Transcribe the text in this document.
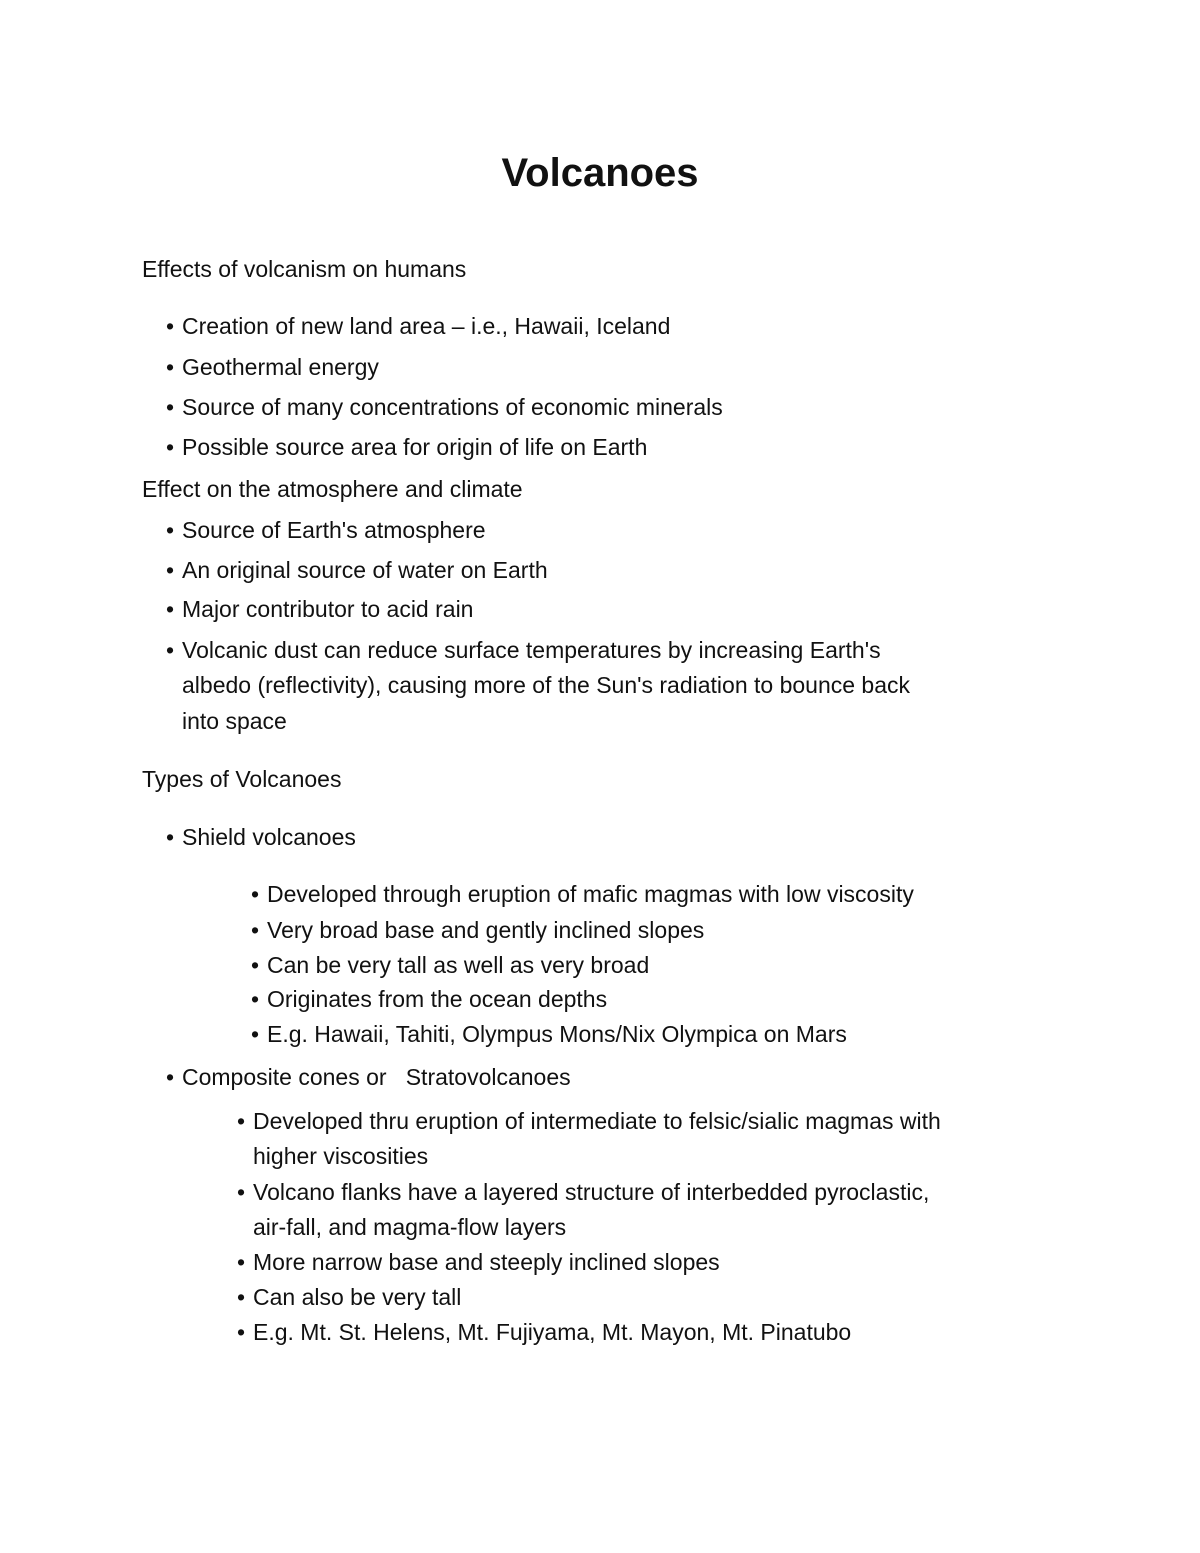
Volcanoes

Effects of volcanism on humans

• Creation of new land area – i.e., Hawaii, Iceland

• Geothermal energy

• Source of many concentrations of economic minerals

• Possible source area for origin of life on Earth

Effect on the atmosphere and climate

• Source of Earth's atmosphere

• An original source of water on Earth

• Major contributor to acid rain

• Volcanic dust can reduce surface temperatures by increasing Earth's

albedo (reflectivity), causing more of the Sun's radiation to bounce back

into space

Types of Volcanoes

• Shield volcanoes

• Developed through eruption of mafic magmas with low viscosity

• Very broad base and gently inclined slopes

• Can be very tall as well as very broad

• Originates from the ocean depths

• E.g. Hawaii, Tahiti, Olympus Mons/Nix Olympica on Mars

• Composite cones or   Stratovolcanoes

• Developed thru eruption of intermediate to felsic/sialic magmas with

higher viscosities

• Volcano flanks have a layered structure of interbedded pyroclastic,

air-fall, and magma-flow layers

• More narrow base and steeply inclined slopes

• Can also be very tall

• E.g. Mt. St. Helens, Mt. Fujiyama, Mt. Mayon, Mt. Pinatubo
